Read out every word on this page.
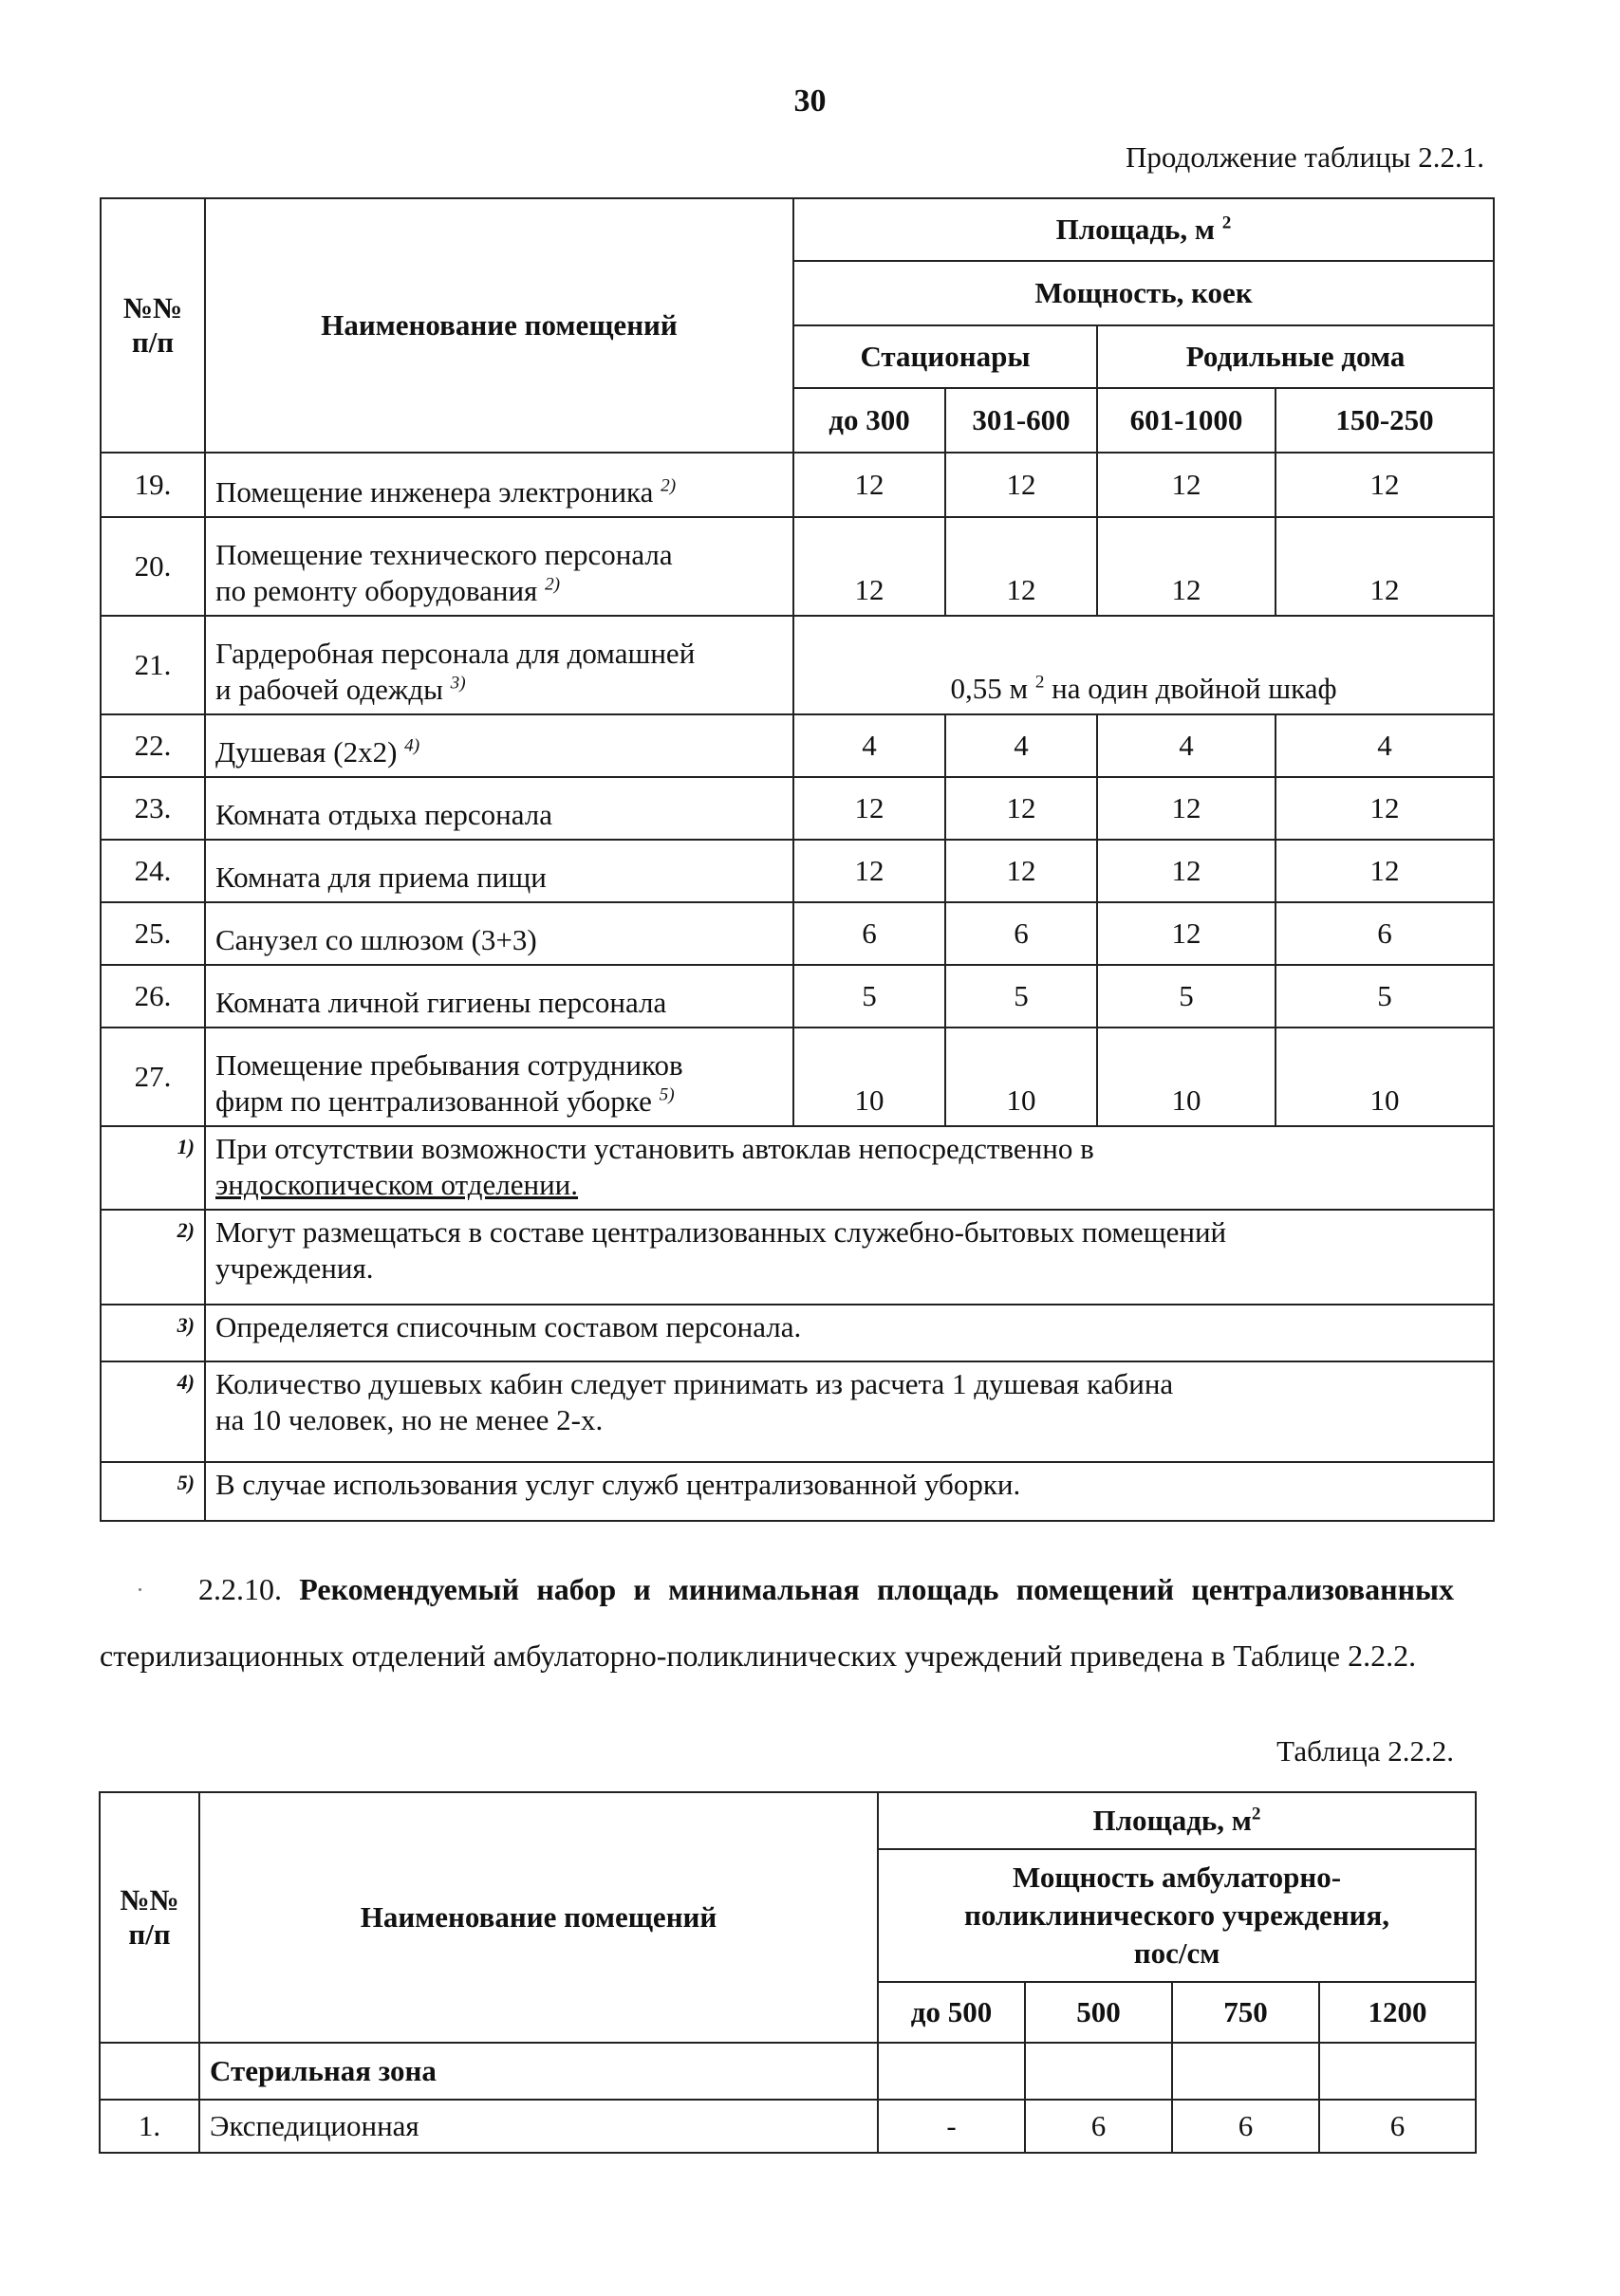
30
Продолжение таблицы 2.2.1.
№№ п/п	Наименование помещений	Площадь, м $^2$
		Мощность, коек			
		Стационары		Родильные дома	
		до 300	301-600	601-1000	150-250
19.	Помещение инженера электроника $^{2)}$	12	12	12	12
20.	Помещение технического персонала
по ремонту оборудования $^{2)}$	12	12	12	12
21.	Гардеробная персонала для домашней
и рабочей одежды $^{3)}$	0,55 м $^2$ на один двойной шкаф			
22.	Душевая (2х2) $^{4)}$	4	4	4	4
23.	Комната отдыха персонала	12	12	12	12
24.	Комната для приема пищи	12	12	12	12
25.	Санузел со шлюзом (3+3)	6	6	12	6
26.	Комната личной гигиены персонала	5	5	5	5
27.	Помещение пребывания сотрудников
фирм по централизованной уборке $^{5)}$	10	10	10	10
1)	При отсутствии возможности установить автоклав непосредственно в
эндоскопическом отделении.				

2)	Могут размещаться в составе централизованных служебно-бытовых помещений
учреждения.				

3)	Определяется списочным составом персонала.				

4)	Количество душевых кабин следует принимать из расчета 1 душевая кабина
на 10 человек, но не менее 2-х.				

5)	В случае использования услуг служб централизованной уборки.				
2.2.10. Рекомендуемый набор и минимальная площадь помещений централизованных стерилизационных отделений амбулаторно-поликлинических учреждений приведена в Таблице 2.2.2.
Таблица 2.2.2.
№№ п/п	Наименование помещений	Площадь, $м^2$

		Мощность амбулаторно-
поликлинического учреждения,
пос/см			

		до 500	500	750	1200
	Стерильная зона				
1.	Экспедиционная	-	6	6	6
